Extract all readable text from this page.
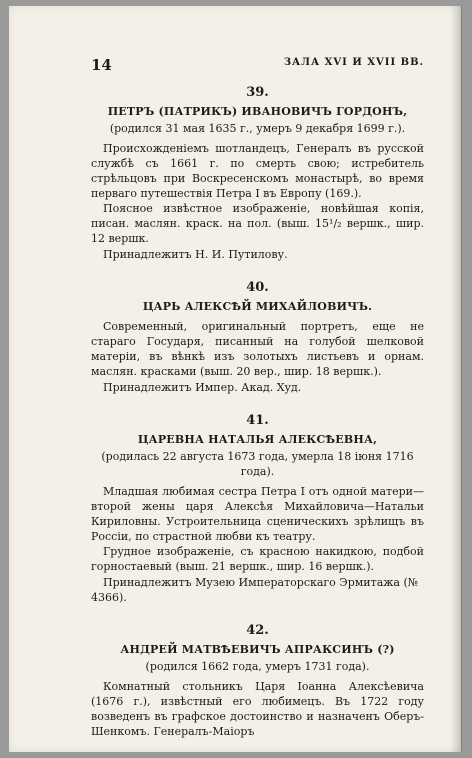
14	ЗАЛА XVI И XVII ВВ.
39.
ПЕТРЪ (ПАТРИКЪ) ИВАНОВИЧЪ ГОРДОНЪ,
(родился 31 мая 1635 г., умеръ 9 декабря 1699 г.).

Происхожденіемъ шотландецъ, Генералъ въ русской службѣ съ 1661 г. по смерть свою; истребитель стрѣльцовъ при Воскресенскомъ монастырѣ, во время перваго путешествія Петра I въ Европу (169.).

Поясное извѣстное изображеніе, новѣйшая копія, писан. маслян. краск. на пол. (выш. 15¹/₂ вершк., шир. 12 вершк.

Принадлежитъ Н. И. Путилову.

40.
ЦАРЬ АЛЕКСѢЙ МИХАЙЛОВИЧЪ.

Современный, оригинальный портретъ, еще не стараго Государя, писанный на голубой шелковой матеріи, въ вѣнкѣ изъ золотыхъ листьевъ и орнам. маслян. красками (выш. 20 вер., шир. 18 вершк.).

Принадлежитъ Импер. Акад. Худ.

41.
ЦАРЕВНА НАТАЛЬЯ АЛЕКСѢЕВНА,
(родилась 22 августа 1673 года, умерла 18 іюня 1716 года).

Младшая любимая сестра Петра I отъ одной матери—второй жены царя Алексѣя Михайловича—Натальи Кириловны. Устроительница сценическихъ зрѣлищъ въ Россіи, по страстной любви къ театру.

Грудное изображеніе, съ красною накидкою, подбой горностаевый (выш. 21 вершк., шир. 16 вершк.).

Принадлежитъ Музею Императорскаго Эрмитажа (№ 4366).

42.
АНДРЕЙ МАТВѢЕВИЧЪ АПРАКСИНЪ (?)
(родился 1662 года, умеръ 1731 года).

Комнатный стольникъ Царя Іоанна Алексѣевича (1676 г.), извѣстный его любимецъ. Въ 1722 году возведенъ въ графское достоинство и назначенъ Оберъ-Шенкомъ. Генералъ-Маіоръ
